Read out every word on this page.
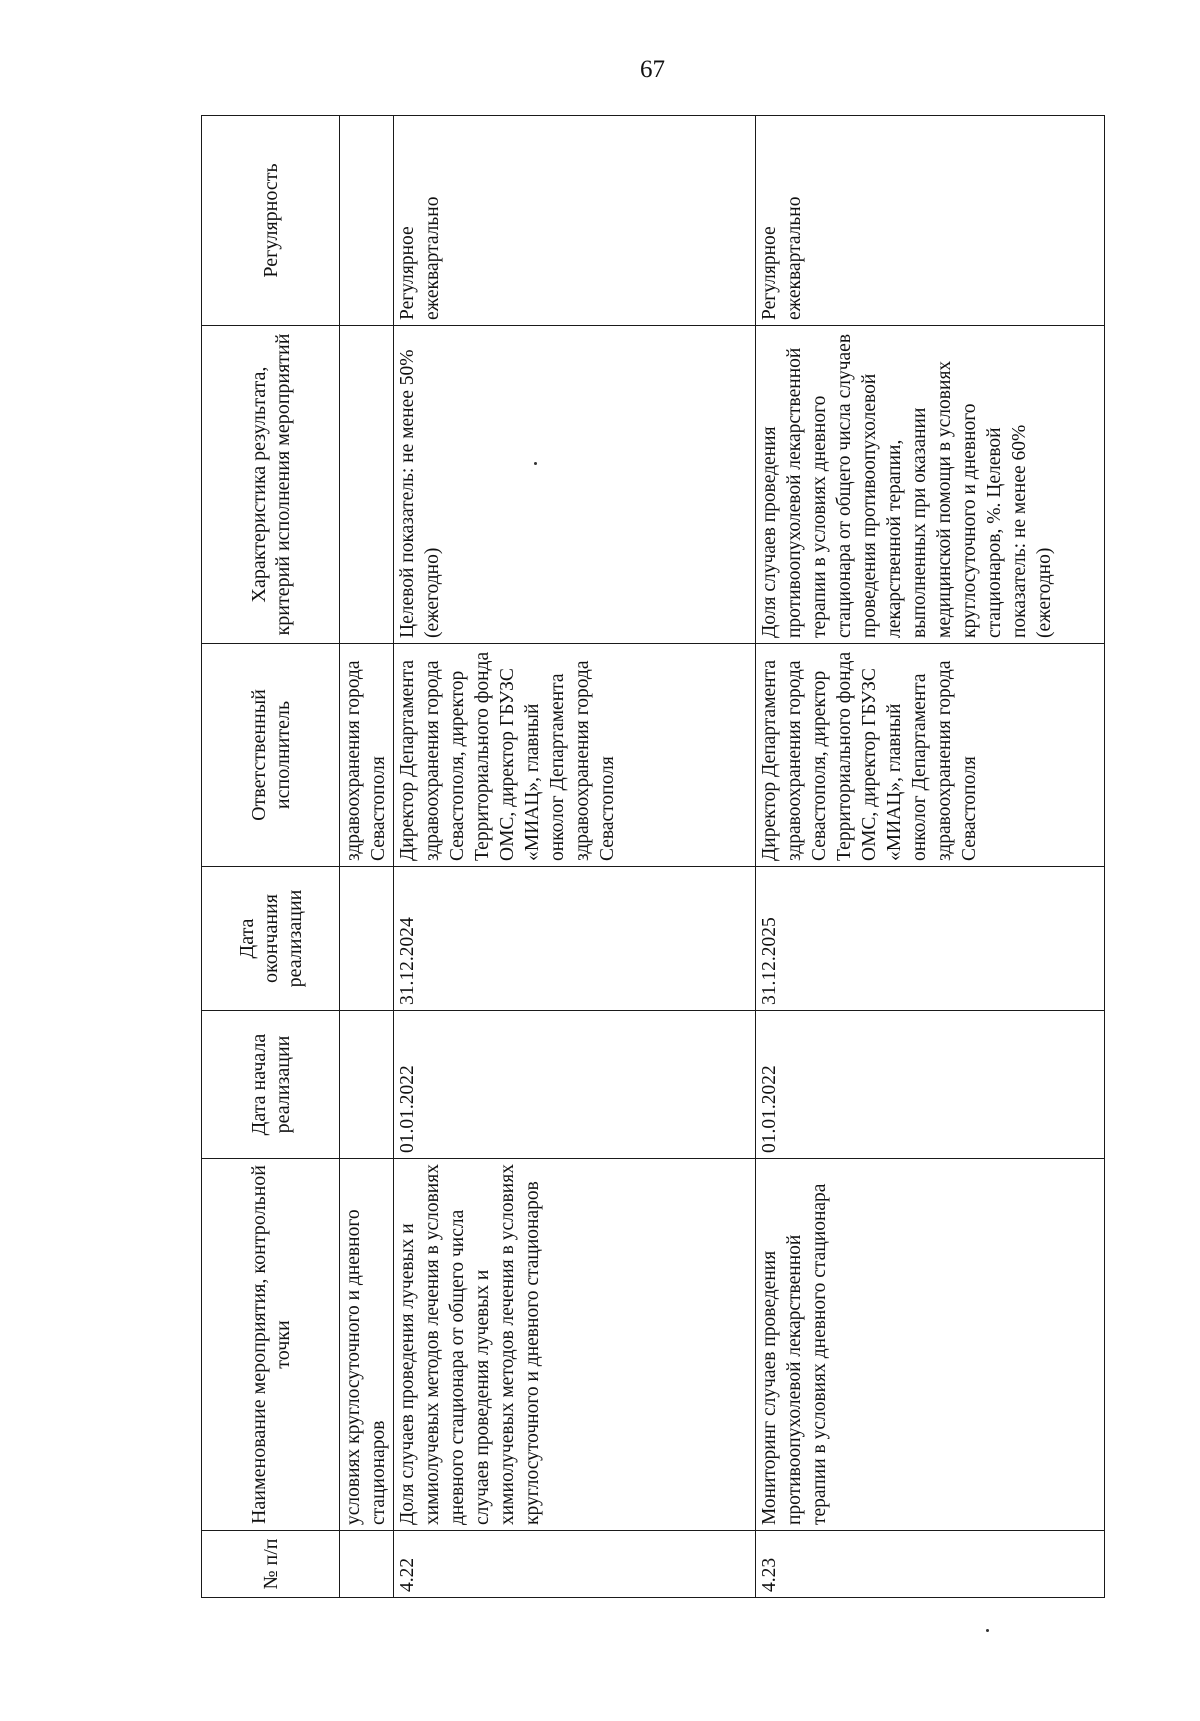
67
№ п/п	Наименование мероприятия, контрольной точки	Дата начала реализации	Дата окончания реализации	Ответственный исполнитель	Характеристика результата, критерий исполнения мероприятий	Регулярность
	условиях круглосуточного и дневного стационаров			здравоохранения города Севастополя		
4.22	Доля случаев проведения лучевых и химиолучевых методов лечения в условиях дневного стационара от общего числа случаев проведения лучевых и химиолучевых методов лечения в условиях круглосуточного и дневного стационаров	01.01.2022	31.12.2024	Директор Департамента здравоохранения города Севастополя, директор Территориального фонда ОМС, директор ГБУЗС «МИАЦ», главный онколог Департамента здравоохранения города Севастополя	Целевой показатель: не менее 50% (ежегодно)	Регулярное ежеквартально
4.23	Мониторинг случаев проведения противоопухолевой лекарственной терапии в условиях дневного стационара	01.01.2022	31.12.2025	Директор Департамента здравоохранения города Севастополя, директор Территориального фонда ОМС, директор ГБУЗС «МИАЦ», главный онколог Департамента здравоохранения города Севастополя	Доля случаев проведения противоопухолевой лекарственной терапии в условиях дневного стационара от общего числа случаев проведения противоопухолевой лекарственной терапии, выполненных при оказании медицинской помощи в условиях круглосуточного и дневного стационаров, %. Целевой показатель: не менее 60% (ежегодно)	Регулярное ежеквартально
